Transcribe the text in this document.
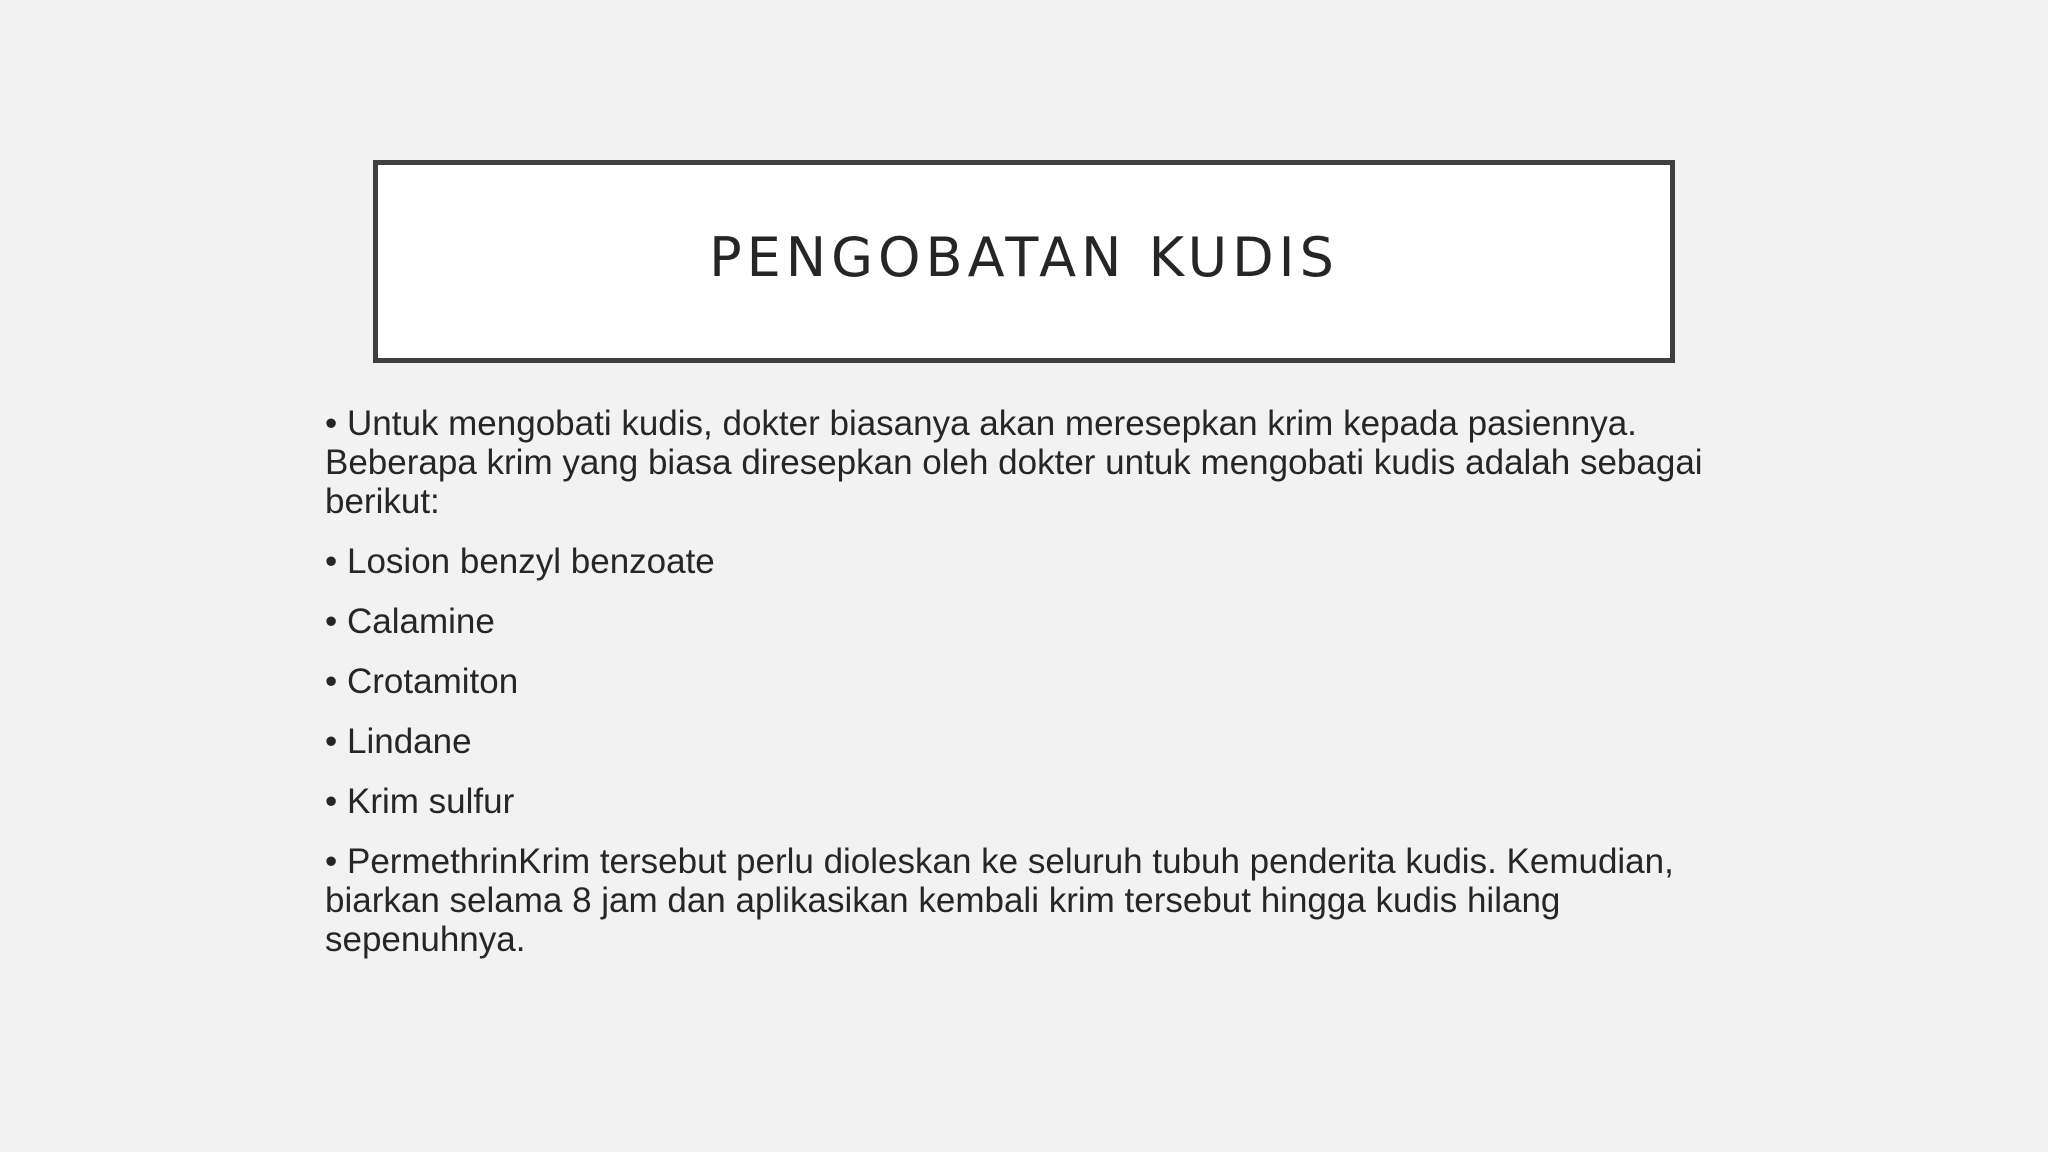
PENGOBATAN KUDIS
• Untuk mengobati kudis, dokter biasanya akan meresepkan krim kepada pasiennya. Beberapa krim yang biasa diresepkan oleh dokter untuk mengobati kudis adalah sebagai berikut:
• Losion benzyl benzoate
• Calamine
• Crotamiton
• Lindane
• Krim sulfur
• PermethrinKrim tersebut perlu dioleskan ke seluruh tubuh penderita kudis. Kemudian, biarkan selama 8 jam dan aplikasikan kembali krim tersebut hingga kudis hilang sepenuhnya.
